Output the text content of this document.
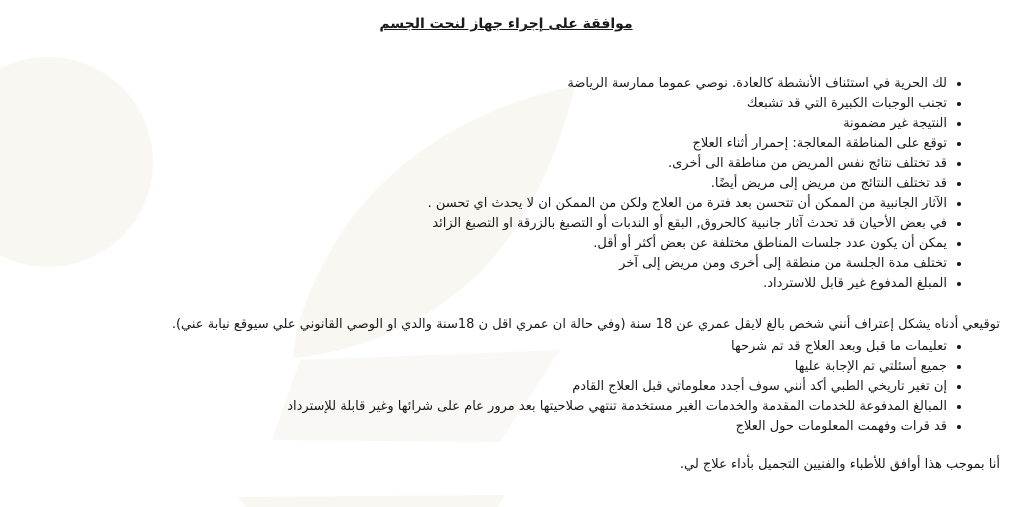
موافقة على إجراء جهاز لنحت الجسم
• لك الحرية في استئناف الأنشطة كالعادة. نوصي عموما ممارسة الرياضة
• تجنب الوجبات الكبيرة التي قد تشبعك
• النتيجة غير مضمونة
• توقع على المناطقة المعالجة: إحمرار أثناء العلاج
• قد تختلف نتائج نفس المريض من مناطقة الى أخرى.
• قد تختلف النتائج من مريض إلى مريض أيضًا.
• الآثار الجانبية من الممكن أن تتحسن بعد فترة من العلاج ولكن من الممكن ان لا يحدث اي تحسن .
• في بعض الأحيان قد تحدث آثار جانبية كالحروق, البقع أو الندبات أو التصبغ بالزرقة او التصبغ الزائد
• يمكن أن يكون عدد جلسات المناطق مختلفة عن بعض أكثر أو أقل.
• تختلف مدة الجلسة من منطقة إلى أخرى ومن مريض إلى آخر
• المبلغ المدفوع غير قابل للاسترداد.

توقيعي أدناه يشكل إعتراف أنني شخص بالغ لايقل عمري عن 18 سنة (وفي حالة ان عمري اقل ن 18سنة والدي او الوصي القانوني علي سيوقع نيابة عني).

• تعليمات ما قبل وبعد العلاج قد تم شرحها
• جميع أسئلتي تم الإجابة عليها
• إن تغير تاريخي الطبي أكد أنني سوف أجدد معلوماتي قبل العلاج القادم
• المبالغ المدفوعة للخدمات المقدمة والخدمات الغير مستخدمة تنتهي صلاحيتها بعد مرور عام على شرائها وغير قابلة للإسترداد
• قد قرات وفهمت المعلومات حول العلاج

أنا بموجب هذا أوافق للأطباء والفنيين التجميل بأداء علاج لي.
